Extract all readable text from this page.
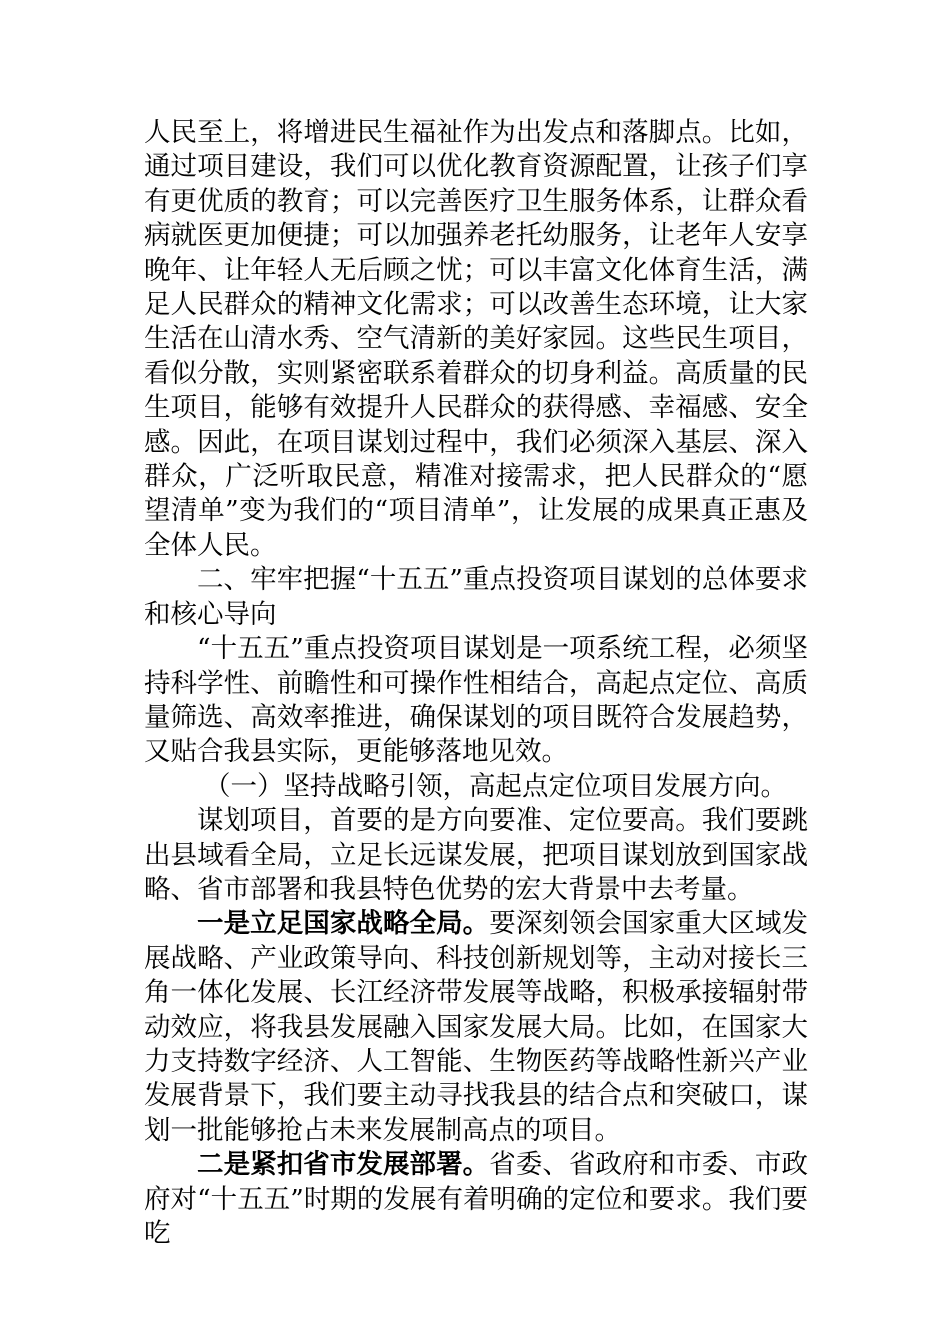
人民至上，将增进民生福祉作为出发点和落脚点。比如，通过项目建设，我们可以优化教育资源配置，让孩子们享有更优质的教育；可以完善医疗卫生服务体系，让群众看病就医更加便捷；可以加强养老托幼服务，让老年人安享晚年、让年轻人无后顾之忧；可以丰富文化体育生活，满足人民群众的精神文化需求；可以改善生态环境，让大家生活在山清水秀、空气清新的美好家园。这些民生项目，看似分散，实则紧密联系着群众的切身利益。高质量的民生项目，能够有效提升人民群众的获得感、幸福感、安全感。因此，在项目谋划过程中，我们必须深入基层、深入群众，广泛听取民意，精准对接需求，把人民群众的“愿望清单”变为我们的“项目清单”，让发展的成果真正惠及全体人民。

二、牢牢把握“十五五”重点投资项目谋划的总体要求和核心导向

“十五五”重点投资项目谋划是一项系统工程，必须坚持科学性、前瞻性和可操作性相结合，高起点定位、高质量筛选、高效率推进，确保谋划的项目既符合发展趋势，又贴合我县实际，更能够落地见效。

（一）坚持战略引领，高起点定位项目发展方向。

谋划项目，首要的是方向要准、定位要高。我们要跳出县域看全局，立足长远谋发展，把项目谋划放到国家战略、省市部署和我县特色优势的宏大背景中去考量。

一是立足国家战略全局。要深刻领会国家重大区域发展战略、产业政策导向、科技创新规划等，主动对接长三角一体化发展、长江经济带发展等战略，积极承接辐射带动效应，将我县发展融入国家发展大局。比如，在国家大力支持数字经济、人工智能、生物医药等战略性新兴产业发展背景下，我们要主动寻找我县的结合点和突破口，谋划一批能够抢占未来发展制高点的项目。

二是紧扣省市发展部署。省委、省政府和市委、市政府对“十五五”时期的发展有着明确的定位和要求。我们要吃
